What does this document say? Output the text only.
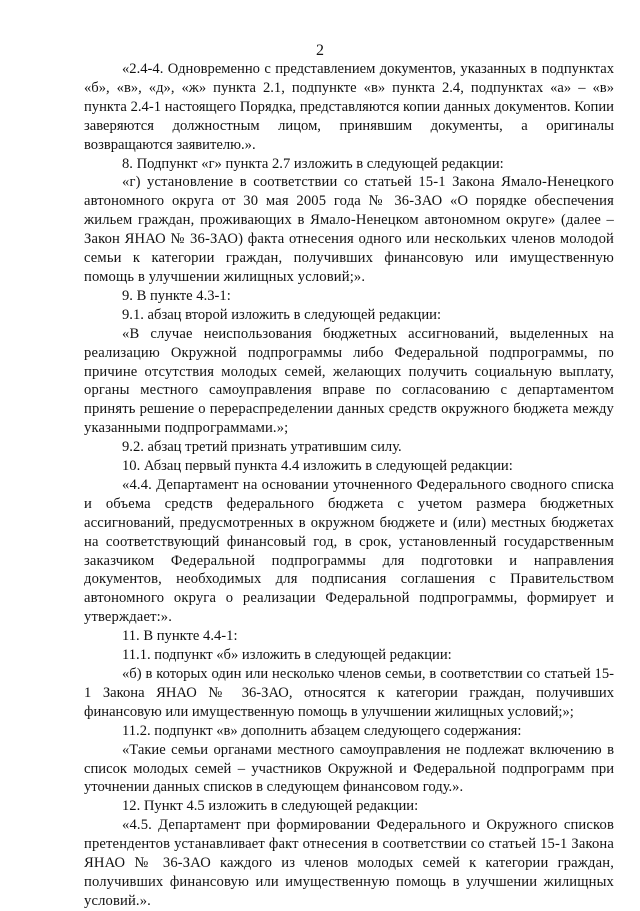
2

«2.4-4. Одновременно с представлением документов, указанных в подпунктах «б», «в», «д», «ж» пункта 2.1, подпункте «в» пункта 2.4, подпунктах «а» – «в» пункта 2.4-1 настоящего Порядка, представляются копии данных документов. Копии заверяются должностным лицом, принявшим документы, а оригиналы возвращаются заявителю.».

8. Подпункт «г» пункта 2.7 изложить в следующей редакции:

«г) установление в соответствии со статьей 15-1 Закона Ямало-Ненецкого автономного округа от 30 мая 2005 года № 36-ЗАО «О порядке обеспечения жильем граждан, проживающих в Ямало-Ненецком автономном округе» (далее – Закон ЯНАО № 36-ЗАО) факта отнесения одного или нескольких членов молодой семьи к категории граждан, получивших финансовую или имущественную помощь в улучшении жилищных условий;».

9. В пункте 4.3-1:

9.1. абзац второй изложить в следующей редакции:

«В случае неиспользования бюджетных ассигнований, выделенных на реализацию Окружной подпрограммы либо Федеральной подпрограммы, по причине отсутствия молодых семей, желающих получить социальную выплату, органы местного самоуправления вправе по согласованию с департаментом принять решение о перераспределении данных средств окружного бюджета между указанными подпрограммами.»;

9.2. абзац третий признать утратившим силу.

10. Абзац первый пункта 4.4 изложить в следующей редакции:

«4.4. Департамент на основании уточненного Федерального сводного списка и объема средств федерального бюджета с учетом размера бюджетных ассигнований, предусмотренных в окружном бюджете и (или) местных бюджетах на соответствующий финансовый год, в срок, установленный государственным заказчиком Федеральной подпрограммы для подготовки и направления документов, необходимых для подписания соглашения с Правительством автономного округа о реализации Федеральной подпрограммы, формирует и утверждает:».

11. В пункте 4.4-1:

11.1. подпункт «б» изложить в следующей редакции:

«б) в которых один или несколько членов семьи, в соответствии со статьей 15-1 Закона ЯНАО № 36-ЗАО, относятся к категории граждан, получивших финансовую или имущественную помощь в улучшении жилищных условий;»;

11.2. подпункт «в» дополнить абзацем следующего содержания:

«Такие семьи органами местного самоуправления не подлежат включению в список молодых семей – участников Окружной и Федеральной подпрограмм при уточнении данных списков в следующем финансовом году.».

12. Пункт 4.5 изложить в следующей редакции:

«4.5. Департамент при формировании Федерального и Окружного списков претендентов устанавливает факт отнесения в соответствии со статьей 15-1 Закона ЯНАО № 36-ЗАО каждого из членов молодых семей к категории граждан, получивших финансовую или имущественную помощь в улучшении жилищных условий.».
